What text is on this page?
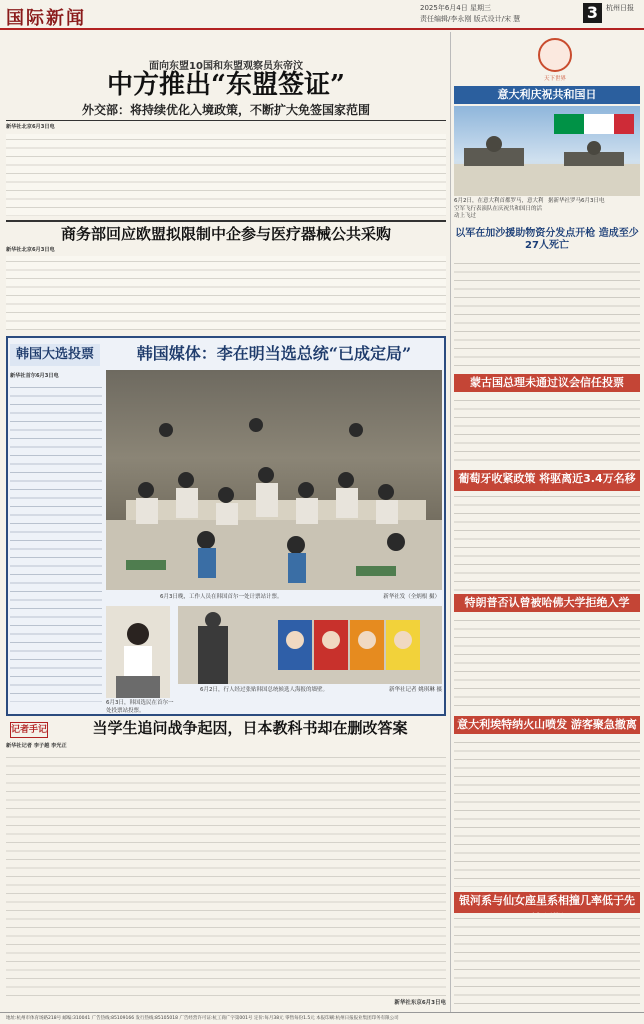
国际新闻	2025年6月4日 星期三
责任编辑/李永刚 版式设计/宋 慧	3	杭州日报
面向东盟10国和东盟观察员东帝汶
中方推出“东盟签证”
外交部：将持续优化入境政策，不断扩大免签国家范围
新华社北京6月3日电
商务部回应欧盟拟限制中企参与医疗器械公共采购
新华社北京6月3日电
韩国大选投票	韩国媒体：李在明当选总统“已成定局”
新华社首尔6月3日电
6月3日晚，工作人员在韩国首尔一处计票站计票。	新华社发（全炳根 摄）
6月3日，韩国选民在首尔一处投票站投票。
6月2日，行人经过张贴韩国总统候选人海报的墙壁。	新华社记者 姚琪琳 摄
记者手记	当学生追问战争起因，日本教科书却在删改答案
新华社记者 李子越 李光正
新华社东京6月3日电
天下世界
意大利庆祝共和国日
6月2日，在意大利首都罗马，意大利空军飞行表演队在庆祝共和国日的活动上飞过
据新华社罗马6月3日电
以军在加沙援助物资分发点开枪 造成至少27人死亡
蒙古国总理未通过议会信任投票
葡萄牙收紧政策 将驱离近3.4万名移
特朗普否认曾被哈佛大学拒绝入学
意大利埃特纳火山喷发 游客聚急撤离
银河系与仙女座星系相撞几率低于先
地址:杭州市体育场路218号 邮编:310041 广告热线:85109166 发行热线:85105018 广告经营许可证:杭工商广字第001号 定价:每月38元 零售每份1.5元 本报印刷:杭州日报报业集团印务有限公司
